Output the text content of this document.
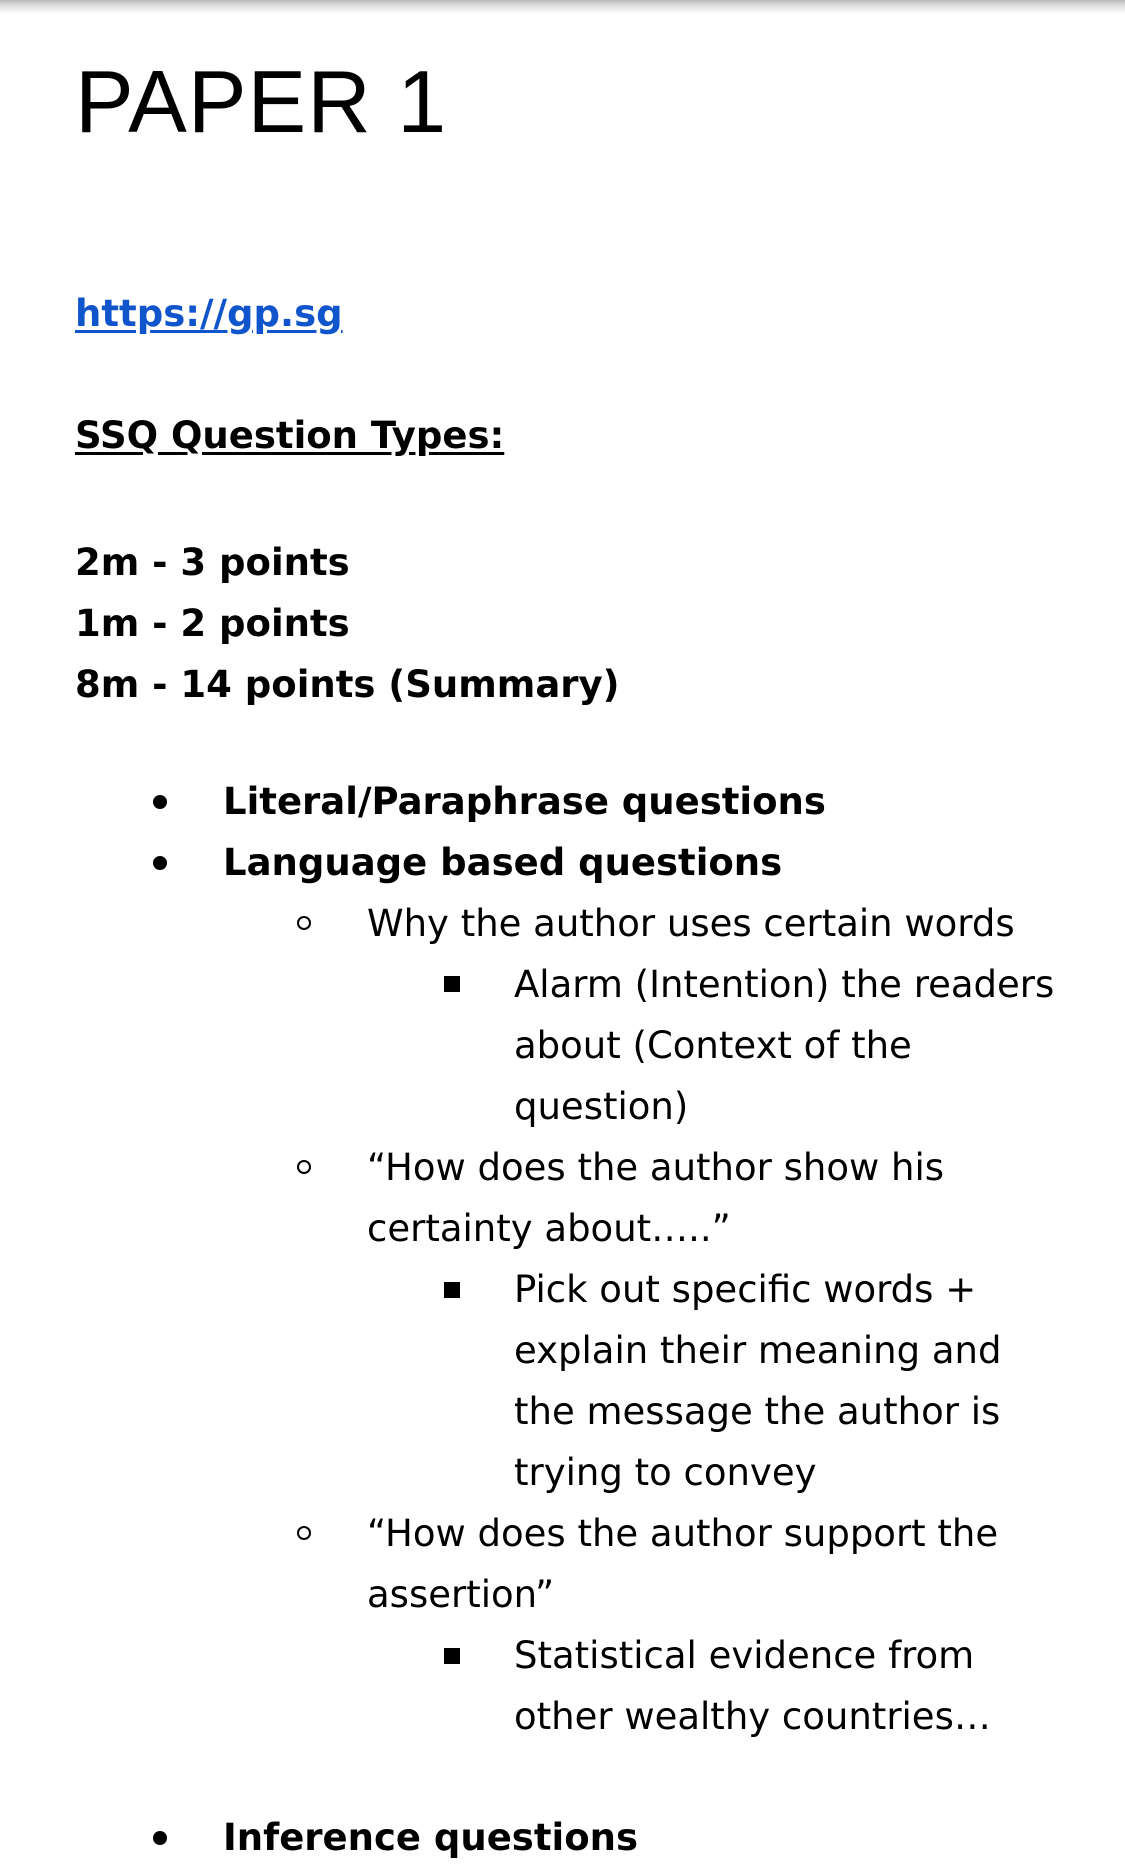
PAPER 1
https://gp.sg
SSQ Question Types:
2m - 3 points
1m - 2 points
8m - 14 points (Summary)
Literal/Paraphrase questions
Language based questions
Why the author uses certain words
Alarm (Intention) the readers
about (Context of the
question)
“How does the author show his
certainty about…..”
Pick out specific words +
explain their meaning and
the message the author is
trying to convey
“How does the author support the
assertion”
Statistical evidence from
other wealthy countries…
Inference questions
